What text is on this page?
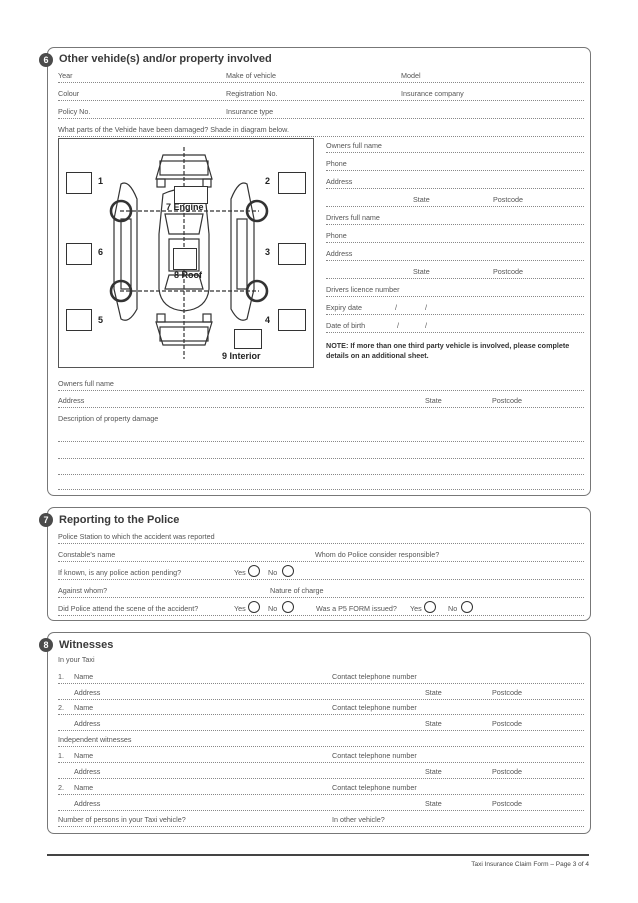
6 Other vehide(s) and/or property involved
Year	Make of vehicle	Model
Colour	Registration No.	Insurance company
Policy No.	Insurance type
What parts of the Vehide have been damaged? Shade in diagram below.
Owners full name
Phone
Address
State	Postcode
Drivers full name
Phone
Address
State	Postcode
Drivers licence number
Expiry date	/	/
Date of birth	/	/
Owners full name
Address	State	Postcode
Description of property damage
NOTE: If more than one third party vehicle is involved, please complete details on an additional sheet.
1	2
6	3
5	4
7 Engine
8 Roof
9 Interior
7 Reporting to the Police
Police Station to which the accident was reported
Constable's name	Whom do Police consider responsible?
If known, is any police action pending?	Yes	No
Against whom?	Nature of charge
Did Police attend the scene of the accident?	Yes	No	Was a P5 FORM issued? Yes	No
8 Witnesses
In your Taxi
1. Name	Contact telephone number
Address	State	Postcode
2. Name	Contact telephone number
Address	State	Postcode
Independent witnesses
1. Name	Contact telephone number
Address	State	Postcode
2. Name	Contact telephone number
Address	State	Postcode
Number of persons in your Taxi vehicle?	In other vehicle?
Taxi Insurance Claim Form – Page 3 of 4
